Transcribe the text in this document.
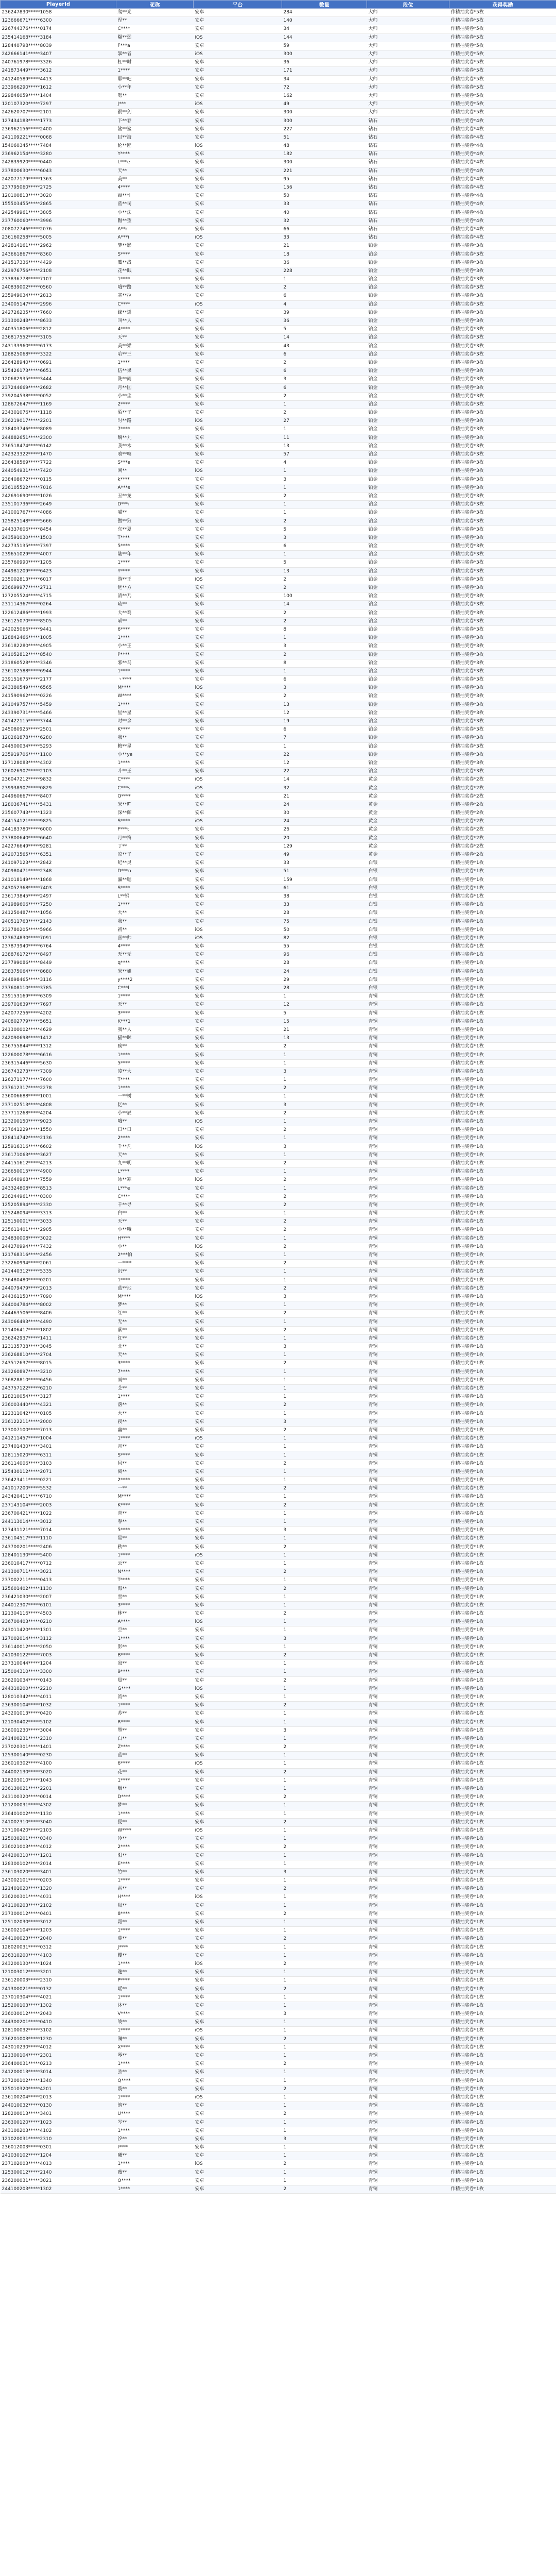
PlayerId	昵称	平台	数量	段位	获得奖励
236247830*****1058	爬**光	安卓	284	大师	作精抽奖卷*5枚
123666671*****6300	涅**	安卓	140	大师	作精抽奖卷*5枚
226744376*****0174	C****	安卓	34	大师	作精抽奖卷*5枚
235414168*****3184	爆**弱	iOS	144	大师	作精抽奖卷*5枚
128440798*****8039	F***a	安卓	59	大师	作精抽奖卷*5枚
242666141*****3407	暴**者	iOS	300	大师	作精抽奖卷*5枚
240761978*****3326	杠**时	安卓	36	大师	作精抽奖卷*5枚
241873449*****3612	1****	安卓	171	大师	作精抽奖卷*5枚
241240589*****4413	耶**吧	安卓	34	大师	作精抽奖卷*5枚
233966290*****1612	小**年	安卓	72	大师	作精抽奖卷*5枚
229846059*****1404	嗯**	安卓	162	大师	作精抽奖卷*5枚
120107320*****7297	J***	iOS	49	大师	作精抽奖卷*5枚
242620707*****2101	很**剑	安卓	300	大师	作精抽奖卷*5枚
127434183*****1773	下**春	安卓	300	钻石	作精抽奖卷*4枚
236962156*****2400	鲨**鲨	安卓	227	钻石	作精抽奖卷*4枚
241109221*****0068	目**海	安卓	51	钻石	作精抽奖卷*4枚
154060345*****7484	伦**匠	iOS	48	钻石	作精抽奖卷*4枚
236962154*****3280	Y****	安卓	182	钻石	作精抽奖卷*4枚
242839920*****0440	L***e	安卓	300	钻石	作精抽奖卷*4枚
237800630*****6043	天**	安卓	221	钻石	作精抽奖卷*4枚
242077179*****1363	美**	安卓	95	钻石	作精抽奖卷*4枚
237795060*****2725	4****	安卓	156	钻石	作精抽奖卷*4枚
120100813*****3020	W***i	安卓	50	钻石	作精抽奖卷*4枚
155503455*****2865	蓝**司	安卓	33	钻石	作精抽奖卷*4枚
242549961*****3805	小**法	安卓	40	钻石	作精抽奖卷*4枚
237760060*****3996	帽**望	安卓	32	钻石	作精抽奖卷*4枚
208072746*****2076	A**r	安卓	66	钻石	作精抽奖卷*4枚
236160258*****5005	A***i	iOS	33	钻石	作精抽奖卷*4枚
242814161*****2962	梦**影	安卓	21	铂金	作精抽奖卷*3枚
243661867*****8360	S****	安卓	18	铂金	作精抽奖卷*3枚
241517336*****4429	鹰**战	安卓	36	铂金	作精抽奖卷*3枚
242976756*****2108	花**眠	安卓	228	铂金	作精抽奖卷*3枚
233836778*****7107	1****	安卓	1	铂金	作精抽奖卷*3枚
240839002*****0560	哦**路	安卓	2	铂金	作精抽奖卷*3枚
235949034*****2813	寒**拉	安卓	6	铂金	作精抽奖卷*3枚
234005147*****2996	C****	iOS	4	铂金	作精抽奖卷*3枚
242726235*****7660	缘**遥	安卓	39	铂金	作精抽奖卷*3枚
231300248*****8633	叫**人	安卓	36	铂金	作精抽奖卷*3枚
240351806*****2812	4****	安卓	5	铂金	作精抽奖卷*3枚
236817552*****3105	天**	安卓	14	铂金	作精抽奖卷*3枚
243133960*****6173	美**梁	安卓	43	铂金	作精抽奖卷*3枚
128825068*****3322	哈**三	安卓	6	铂金	作精抽奖卷*3枚
236428940*****0691	1****	安卓	2	铂金	作精抽奖卷*3枚
125426173*****6651	伍**果	安卓	6	铂金	作精抽奖卷*3枚
120682935*****3444	洗**雨	安卓	3	铂金	作精抽奖卷*3枚
237244669*****2682	月**国	安卓	6	铂金	作精抽奖卷*3枚
239204538*****0052	小**尘	安卓	2	铂金	作精抽奖卷*3枚
128672647*****1169	2****	安卓	1	铂金	作精抽奖卷*3枚
234301076*****1118	陌**子	安卓	2	铂金	作精抽奖卷*3枚
236219017*****2201	时**路	iOS	27	铂金	作精抽奖卷*3枚
238403746*****8089	7****	安卓	1	铂金	作精抽奖卷*3枚
244882651*****2300	璃**九	安卓	11	铂金	作精抽奖卷*3枚
236518474*****6142	我**木	安卓	13	铂金	作精抽奖卷*3枚
242323322*****1470	嘻**嘻	安卓	57	铂金	作精抽奖卷*3枚
236438569*****7722	S***e	安卓	4	铂金	作精抽奖卷*3枚
244054931*****7420	闲**	iOS	1	铂金	作精抽奖卷*3枚
238408672*****0115	k****	安卓	3	铂金	作精抽奖卷*3枚
236105522*****7016	A***s	安卓	1	铂金	作精抽奖卷*3枚
242691690*****1026	丑**龙	安卓	2	铂金	作精抽奖卷*3枚
235101736*****2649	D***i	安卓	1	铂金	作精抽奖卷*3枚
241001767*****4086	喵**	安卓	1	铂金	作精抽奖卷*3枚
125825148*****5666	傲**狼	安卓	2	铂金	作精抽奖卷*3枚
244337606*****8454	东**夏	安卓	5	铂金	作精抽奖卷*3枚
243591030*****1503	T****	安卓	3	铂金	作精抽奖卷*3枚
242735135*****7397	5****	安卓	6	铂金	作精抽奖卷*3枚
239651029*****4007	陆**年	安卓	1	铂金	作精抽奖卷*3枚
235760990*****1205	1****	安卓	5	铂金	作精抽奖卷*3枚
244981209*****6423	Y****	安卓	13	铂金	作精抽奖卷*3枚
235002813*****6017	游**王	iOS	2	铂金	作精抽奖卷*3枚
236699977*****2711	远**方	安卓	2	铂金	作精抽奖卷*3枚
127205524*****4715	清**乃	安卓	100	铂金	作精抽奖卷*3枚
231114367*****0264	琉**	安卓	14	铂金	作精抽奖卷*3枚
122612486*****1993	大**鸡	安卓	2	铂金	作精抽奖卷*3枚
236125070*****8505	喵**	安卓	2	铂金	作精抽奖卷*3枚
242025066*****9441	6****	安卓	8	铂金	作精抽奖卷*3枚
128842466*****1005	1****	安卓	1	铂金	作精抽奖卷*3枚
236182280*****4905	小**王	安卓	3	铂金	作精抽奖卷*3枚
241052812*****8540	P****	安卓	2	铂金	作精抽奖卷*3枚
231860528*****3346	邪**马	安卓	8	铂金	作精抽奖卷*3枚
236102588*****6944	1****	安卓	1	铂金	作精抽奖卷*3枚
239151675*****2177	丶****	安卓	6	铂金	作精抽奖卷*3枚
243380549*****6565	M****	iOS	3	铂金	作精抽奖卷*3枚
241590962*****0226	W****	安卓	2	铂金	作精抽奖卷*3枚
241049757*****5459	1****	安卓	13	铂金	作精抽奖卷*3枚
243390731*****5466	星**星	安卓	12	铂金	作精抽奖卷*3枚
241422115*****3744	时**余	安卓	19	铂金	作精抽奖卷*3枚
245080925*****2501	K****	安卓	6	铂金	作精抽奖卷*3枚
120261878*****6280	我**	安卓	7	铂金	作精抽奖卷*3枚
244500034*****5293	梅**星	安卓	1	铂金	作精抽奖卷*3枚
235919706*****1100	小**ye	安卓	22	铂金	作精抽奖卷*3枚
127128083*****4302	1****	安卓	12	铂金	作精抽奖卷*3枚
126026907*****2103	斗**王	安卓	22	铂金	作精抽奖卷*3枚
236047212*****9832	C****	iOS	14	黄金	作精抽奖卷*2枚
239938907*****0829	C***s	iOS	32	黄金	作精抽奖卷*2枚
244960667*****8407	O****	安卓	21	黄金	作精抽奖卷*2枚
128036741*****5431	米**吖	安卓	24	黄金	作精抽奖卷*2枚
235607743*****1323	深**鲸	安卓	30	黄金	作精抽奖卷*2枚
244154121*****9825	S****	iOS	24	黄金	作精抽奖卷*2枚
244183780*****6000	F***t	安卓	26	黄金	作精抽奖卷*2枚
237800640*****6640	月**笛	安卓	20	黄金	作精抽奖卷*2枚
242276649*****9281	丁**	安卓	129	黄金	作精抽奖卷*2枚
242073565*****6351	凉**子	安卓	49	黄金	作精抽奖卷*2枚
241097123*****2842	纪**灵	安卓	33	白银	作精抽奖卷*1枚
240980471*****2348	D***n	安卓	51	白银	作精抽奖卷*1枚
241018149*****1868	瀛**嗯	安卓	159	白银	作精抽奖卷*1枚
243052368*****7403	S****	安卓	61	白银	作精抽奖卷*1枚
236173845*****2497	L**钢	安卓	38	白银	作精抽奖卷*1枚
241989606*****7250	1****	安卓	33	白银	作精抽奖卷*1枚
241250487*****1056	大**	安卓	28	白银	作精抽奖卷*1枚
240511763*****2143	我**	安卓	75	白银	作精抽奖卷*1枚
232780205*****5966	初**	iOS	50	白银	作精抽奖卷*1枚
123674830*****7091	喜**帅	iOS	82	白银	作精抽奖卷*1枚
237873940*****6764	4****	安卓	55	白银	作精抽奖卷*1枚
238876172*****8497	无**无	安卓	96	白银	作精抽奖卷*1枚
237799086*****8449	q****	安卓	28	白银	作精抽奖卷*1枚
238375064*****8680	米**姐	安卓	24	白银	作精抽奖卷*1枚
244898465*****3116	y****2	安卓	29	白银	作精抽奖卷*1枚
237608110*****3785	C***l	安卓	28	白银	作精抽奖卷*1枚
239153169*****6309	1****	安卓	1	青铜	作精抽奖卷*1枚
239701639*****7697	天**	安卓	12	青铜	作精抽奖卷*1枚
242077256*****4202	3****	安卓	5	青铜	作精抽奖卷*1枚
240802779*****5651	K***1	安卓	15	青铜	作精抽奖卷*1枚
241300002*****4629	我**人	安卓	21	青铜	作精抽奖卷*1枚
242090698*****1412	猫**眯	安卓	13	青铜	作精抽奖卷*1枚
236755844*****1312	疯**	安卓	2	青铜	作精抽奖卷*1枚
122600078*****6616	1****	安卓	1	青铜	作精抽奖卷*1枚
236315446*****5630	5****	安卓	1	青铜	作精抽奖卷*1枚
236743273*****7309	凌**大	安卓	3	青铜	作精抽奖卷*1枚
126271177*****7600	T****	安卓	1	青铜	作精抽奖卷*1枚
237612317*****2278	1****	安卓	2	青铜	作精抽奖卷*1枚
236006688*****1001	一**树	安卓	1	青铜	作精抽奖卷*1枚
237102513*****4808	忆**	安卓	3	青铜	作精抽奖卷*1枚
237711268*****4204	小**辰	安卓	2	青铜	作精抽奖卷*1枚
123200150*****9023	哦**	iOS	1	青铜	作精抽奖卷*1枚
237641229*****1550	口**口	安卓	2	青铜	作精抽奖卷*1枚
128414742*****2136	2****	安卓	1	青铜	作精抽奖卷*1枚
125916316*****6602	千**凡	iOS	3	青铜	作精抽奖卷*1枚
236171063*****3627	天**	安卓	1	青铜	作精抽奖卷*1枚
244151612*****4213	九**明	安卓	2	青铜	作精抽奖卷*1枚
236650015*****4900	L****	安卓	1	青铜	作精抽奖卷*1枚
241640968*****7559	冰**寒	iOS	2	青铜	作精抽奖卷*1枚
243324808*****8513	L***e	安卓	1	青铜	作精抽奖卷*1枚
236244961*****0300	C****	安卓	2	青铜	作精抽奖卷*1枚
125205894*****2330	千**寻	安卓	2	青铜	作精抽奖卷*1枚
125248094*****3313	白**	安卓	1	青铜	作精抽奖卷*1枚
125150001*****3033	天**	安卓	2	青铜	作精抽奖卷*1枚
235611401*****2905	小**哦	安卓	2	青铜	作精抽奖卷*1枚
234830008*****3022	H****	安卓	1	青铜	作精抽奖卷*1枚
244270994*****7432	小**	iOS	2	青铜	作精抽奖卷*1枚
121768316*****2456	2***怕	安卓	1	青铜	作精抽奖卷*1枚
232260994*****2061	一****	安卓	2	青铜	作精抽奖卷*1枚
241440312*****5335	沉**	安卓	1	青铜	作精抽奖卷*1枚
236480480*****0201	1****	安卓	1	青铜	作精抽奖卷*1枚
244079479*****2013	蓝**地	安卓	2	青铜	作精抽奖卷*1枚
244361150*****7090	M****	iOS	3	青铜	作精抽奖卷*1枚
244004784*****8002	梦**	安卓	1	青铜	作精抽奖卷*1枚
244463506*****8406	红**	安卓	2	青铜	作精抽奖卷*1枚
243066493*****4490	无**	安卓	1	青铜	作精抽奖卷*1枚
121406417*****1802	紫**	安卓	2	青铜	作精抽奖卷*1枚
236242937*****1411	红**	安卓	1	青铜	作精抽奖卷*1枚
123135738*****3045	北**	安卓	3	青铜	作精抽奖卷*1枚
236268810*****2704	天**	安卓	1	青铜	作精抽奖卷*1枚
243512637*****8015	3****	安卓	2	青铜	作精抽奖卷*1枚
243260897*****3210	7****	安卓	1	青铜	作精抽奖卷*1枚
236828810*****6456	雨**	安卓	1	青铜	作精抽奖卷*1枚
243757122*****6210	芝**	安卓	1	青铜	作精抽奖卷*1枚
128210054*****3127	1****	安卓	1	青铜	作精抽奖卷*1枚
236003440*****4321	落**	安卓	2	青铜	作精抽奖卷*1枚
122311042*****0105	大**	安卓	1	青铜	作精抽奖卷*1枚
236122211*****2000	夜**	安卓	3	青铜	作精抽奖卷*1枚
123007100*****7013	幽**	安卓	2	青铜	作精抽奖卷*1枚
241211457*****1004	1****	iOS	1	青铜	作精抽奖卷*1枚
237401430*****3401	月**	安卓	1	青铜	作精抽奖卷*1枚
128115020*****6311	S****	安卓	1	青铜	作精抽奖卷*1枚
236114006*****3103	风**	安卓	2	青铜	作精抽奖卷*1枚
125430112*****2071	离**	安卓	1	青铜	作精抽奖卷*1枚
236423411*****0221	2****	安卓	1	青铜	作精抽奖卷*1枚
241017200*****5532	一**	安卓	2	青铜	作精抽奖卷*1枚
243420411*****6710	M****	安卓	1	青铜	作精抽奖卷*1枚
237143104*****2003	K****	安卓	2	青铜	作精抽奖卷*1枚
236700421*****1022	青**	安卓	1	青铜	作精抽奖卷*1枚
244113014*****3012	春**	安卓	1	青铜	作精抽奖卷*1枚
127431121*****7014	5****	安卓	3	青铜	作精抽奖卷*1枚
236104517*****1110	星**	安卓	1	青铜	作精抽奖卷*1枚
243700201*****2406	秋**	安卓	2	青铜	作精抽奖卷*1枚
128401130*****5400	1****	iOS	1	青铜	作精抽奖卷*1枚
236010417*****0712	云**	安卓	1	青铜	作精抽奖卷*1枚
241300711*****3021	N****	安卓	2	青铜	作精抽奖卷*1枚
237002211*****0413	T****	安卓	1	青铜	作精抽奖卷*1枚
125601402*****1130	海**	安卓	2	青铜	作精抽奖卷*1枚
236421030*****2007	雪**	安卓	1	青铜	作精抽奖卷*1枚
244012307*****6101	3****	安卓	1	青铜	作精抽奖卷*1枚
121304116*****4503	林**	安卓	2	青铜	作精抽奖卷*1枚
236700403*****0210	A****	iOS	1	青铜	作精抽奖卷*1枚
243011420*****1301	空**	安卓	1	青铜	作精抽奖卷*1枚
127002014*****3112	1****	安卓	3	青铜	作精抽奖卷*1枚
236140012*****2050	影**	安卓	1	青铜	作精抽奖卷*1枚
241030122*****7003	B****	安卓	2	青铜	作精抽奖卷*1枚
237310044*****1204	寂**	安卓	1	青铜	作精抽奖卷*1枚
125004310*****3300	9****	安卓	1	青铜	作精抽奖卷*1枚
236201034*****0143	晨**	安卓	2	青铜	作精抽奖卷*1枚
244310200*****2210	G****	iOS	1	青铜	作精抽奖卷*1枚
128010342*****4011	流**	安卓	1	青铜	作精抽奖卷*1枚
236300104*****1032	1****	安卓	2	青铜	作精抽奖卷*1枚
243201013*****0420	苏**	安卓	1	青铜	作精抽奖卷*1枚
121030402*****5102	R****	安卓	1	青铜	作精抽奖卷*1枚
236001230*****3004	墨**	安卓	3	青铜	作精抽奖卷*1枚
241400231*****2310	白**	安卓	1	青铜	作精抽奖卷*1枚
237020301*****1401	Z****	安卓	2	青铜	作精抽奖卷*1枚
125300140*****0230	蓝**	安卓	1	青铜	作精抽奖卷*1枚
236010302*****4100	6****	iOS	1	青铜	作精抽奖卷*1枚
244002130*****3020	花**	安卓	2	青铜	作精抽奖卷*1枚
128203010*****1043	1****	安卓	1	青铜	作精抽奖卷*1枚
236130021*****2201	烟**	安卓	1	青铜	作精抽奖卷*1枚
243100320*****0014	D****	安卓	2	青铜	作精抽奖卷*1枚
121200031*****4302	梦**	安卓	1	青铜	作精抽奖卷*1枚
236401002*****1130	1****	安卓	1	青铜	作精抽奖卷*1枚
241002310*****3040	夏**	安卓	2	青铜	作精抽奖卷*1枚
237100420*****2103	W****	iOS	1	青铜	作精抽奖卷*1枚
125030201*****0340	冷**	安卓	1	青铜	作精抽奖卷*1枚
236021003*****4012	2****	安卓	2	青铜	作精抽奖卷*1枚
244200310*****1201	阳**	安卓	1	青铜	作精抽奖卷*1枚
128300102*****2014	E****	安卓	1	青铜	作精抽奖卷*1枚
236103020*****3401	竹**	安卓	3	青铜	作精抽奖卷*1枚
243002101*****0203	1****	安卓	1	青铜	作精抽奖卷*1枚
121401020*****1320	雷**	安卓	2	青铜	作精抽奖卷*1枚
236200301*****4031	H****	iOS	1	青铜	作精抽奖卷*1枚
241100203*****2102	岚**	安卓	1	青铜	作精抽奖卷*1枚
237300012*****0401	8****	安卓	2	青铜	作精抽奖卷*1枚
125102030*****3012	霜**	安卓	1	青铜	作精抽奖卷*1枚
236002104*****1203	1****	安卓	1	青铜	作精抽奖卷*1枚
244100023*****2040	暮**	安卓	2	青铜	作精抽奖卷*1枚
128020031*****0312	J****	安卓	1	青铜	作精抽奖卷*1枚
236310200*****4103	樱**	安卓	1	青铜	作精抽奖卷*1枚
243200130*****1024	1****	iOS	2	青铜	作精抽奖卷*1枚
121003012*****3201	逸**	安卓	1	青铜	作精抽奖卷*1枚
236120003*****2310	P****	安卓	1	青铜	作精抽奖卷*1枚
241300021*****0132	瑶**	安卓	2	青铜	作精抽奖卷*1枚
237010304*****4021	1****	安卓	1	青铜	作精抽奖卷*1枚
125200103*****1302	沐**	安卓	1	青铜	作精抽奖卷*1枚
236030012*****2043	V****	安卓	3	青铜	作精抽奖卷*1枚
244300201*****0410	绫**	安卓	1	青铜	作精抽奖卷*1枚
128100032*****3102	1****	iOS	1	青铜	作精抽奖卷*1枚
236201003*****1230	澜**	安卓	2	青铜	作精抽奖卷*1枚
243010230*****4012	X****	安卓	1	青铜	作精抽奖卷*1枚
121300104*****2301	琴**	安卓	1	青铜	作精抽奖卷*1枚
236400031*****0213	1****	安卓	2	青铜	作精抽奖卷*1枚
241200013*****3014	弦**	安卓	1	青铜	作精抽奖卷*1枚
237200102*****1340	Q****	安卓	1	青铜	作精抽奖卷*1枚
125010320*****4201	璇**	安卓	2	青铜	作精抽奖卷*1枚
236100204*****2013	1****	iOS	1	青铜	作精抽奖卷*1枚
244010032*****0130	韵**	安卓	1	青铜	作精抽奖卷*1枚
128200013*****3401	U****	安卓	2	青铜	作精抽奖卷*1枚
236300120*****1023	岑**	安卓	1	青铜	作精抽奖卷*1枚
243100203*****4102	1****	安卓	1	青铜	作精抽奖卷*1枚
121020031*****2310	汐**	安卓	3	青铜	作精抽奖卷*1枚
236012003*****0301	I****	安卓	1	青铜	作精抽奖卷*1枚
241030102*****1204	曦**	安卓	1	青铜	作精抽奖卷*1枚
237102003*****4013	1****	iOS	2	青铜	作精抽奖卷*1枚
125300012*****2140	薇**	安卓	1	青铜	作精抽奖卷*1枚
236200031*****3021	O****	安卓	1	青铜	作精抽奖卷*1枚
244100203*****1302	1****	安卓	2	青铜	作精抽奖卷*1枚
